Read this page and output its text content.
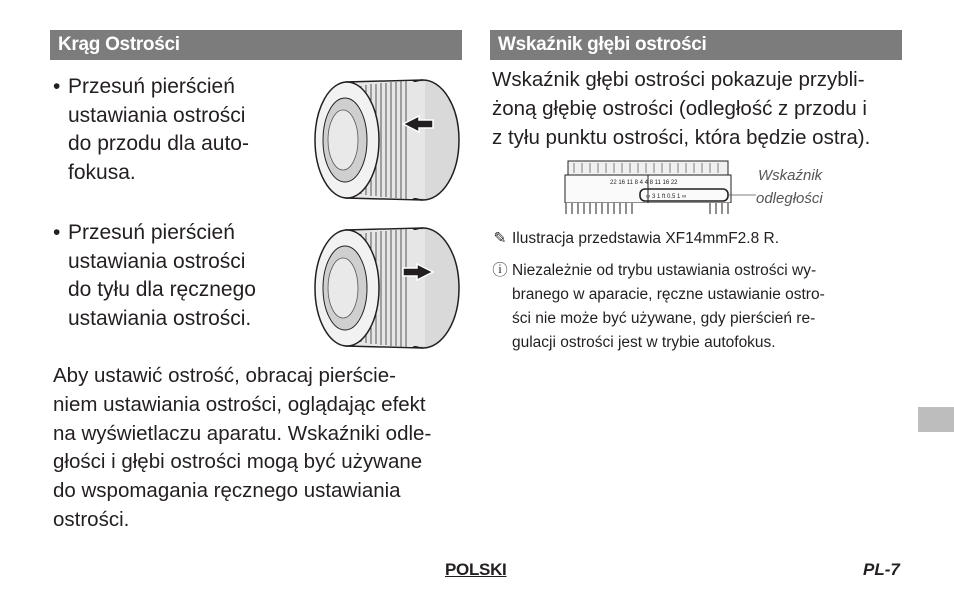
Krąg Ostrości
• Przesuń pierścień
ustawiania ostrości
do przodu dla auto-
fokusa.
• Przesuń pierścień
ustawiania ostrości
do tyłu dla ręcznego
ustawiania ostrości.
Aby ustawić ostrość, obracaj pierście-
niem ustawiania ostrości, oglądając efekt
na wyświetlaczu aparatu. Wskaźniki odle-
głości i głębi ostrości mogą być używane
do wspomagania ręcznego ustawiania
ostrości.
Wskaźnik głębi ostrości
Wskaźnik głębi ostrości pokazuje przybli-
żoną głębię ostrości (odległość z przodu i
z tyłu punktu ostrości, która będzie ostra).
22 16 11 8 4 4 8 11 16 22
∞ 3 1 ft 0.5 1 ∞
Wskaźnik
odległości
✎ Ilustracja przedstawia XF14mmF2.8 R.
ⓘ Niezależnie od trybu ustawiania ostrości wy-
branego w aparacie, ręczne ustawianie ostro-
ści nie może być używane, gdy pierścień re-
gulacji ostrości jest w trybie autofokus.
POLSKI	PL-7
